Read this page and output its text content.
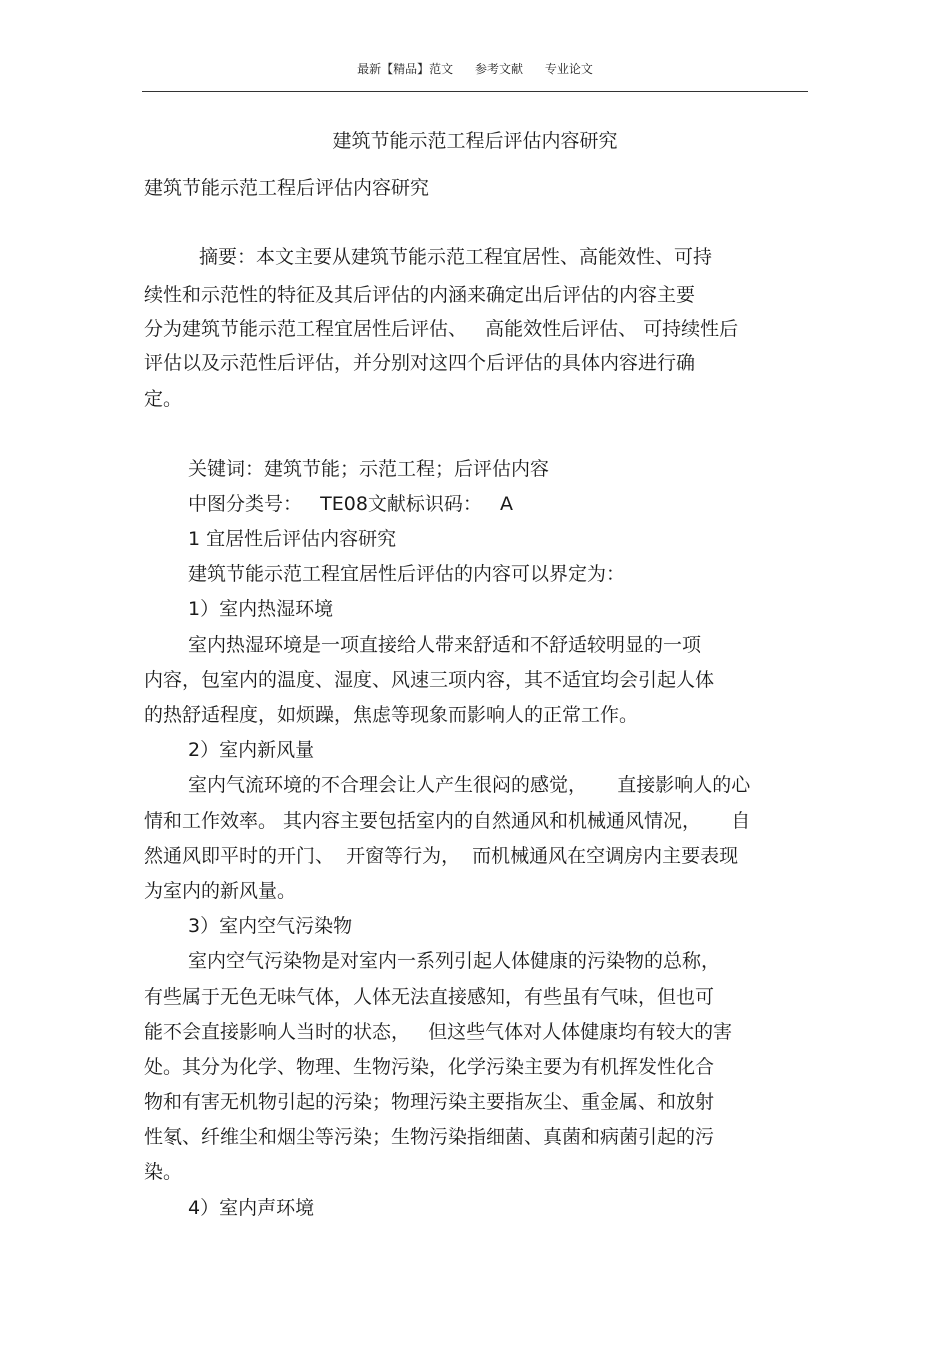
最新【精品】范文 参考文献 专业论文
建筑节能示范工程后评估内容研究
建筑节能示范工程后评估内容研究
摘要：本文主要从建筑节能示范工程宜居性、高能效性、可持
续性和示范性的特征及其后评估的内涵来确定出后评估的内容主要
分为建筑节能示范工程宜居性后评估、   高能效性后评估、 可持续性后
评估以及示范性后评估，并分别对这四个后评估的具体内容进行确
定。
关键词：建筑节能；示范工程；后评估内容
中图分类号：   TE08文献标识码：   A
1 宜居性后评估内容研究
建筑节能示范工程宜居性后评估的内容可以界定为：
1）室内热湿环境
室内热湿环境是一项直接给人带来舒适和不舒适较明显的一项
内容，包室内的温度、湿度、风速三项内容，其不适宜均会引起人体
的热舒适程度，如烦躁，焦虑等现象而影响人的正常工作。
2）室内新风量
室内气流环境的不合理会让人产生很闷的感觉，     直接影响人的心
情和工作效率。 其内容主要包括室内的自然通风和机械通风情况，     自
然通风即平时的开门、  开窗等行为，  而机械通风在空调房内主要表现
为室内的新风量。
3）室内空气污染物
室内空气污染物是对室内一系列引起人体健康的污染物的总称，
有些属于无色无味气体，人体无法直接感知，有些虽有气味，但也可
能不会直接影响人当时的状态，   但这些气体对人体健康均有较大的害
处。其分为化学、物理、生物污染，化学污染主要为有机挥发性化合
物和有害无机物引起的污染；物理污染主要指灰尘、重金属、和放射
性氡、纤维尘和烟尘等污染；生物污染指细菌、真菌和病菌引起的污
染。
4）室内声环境
